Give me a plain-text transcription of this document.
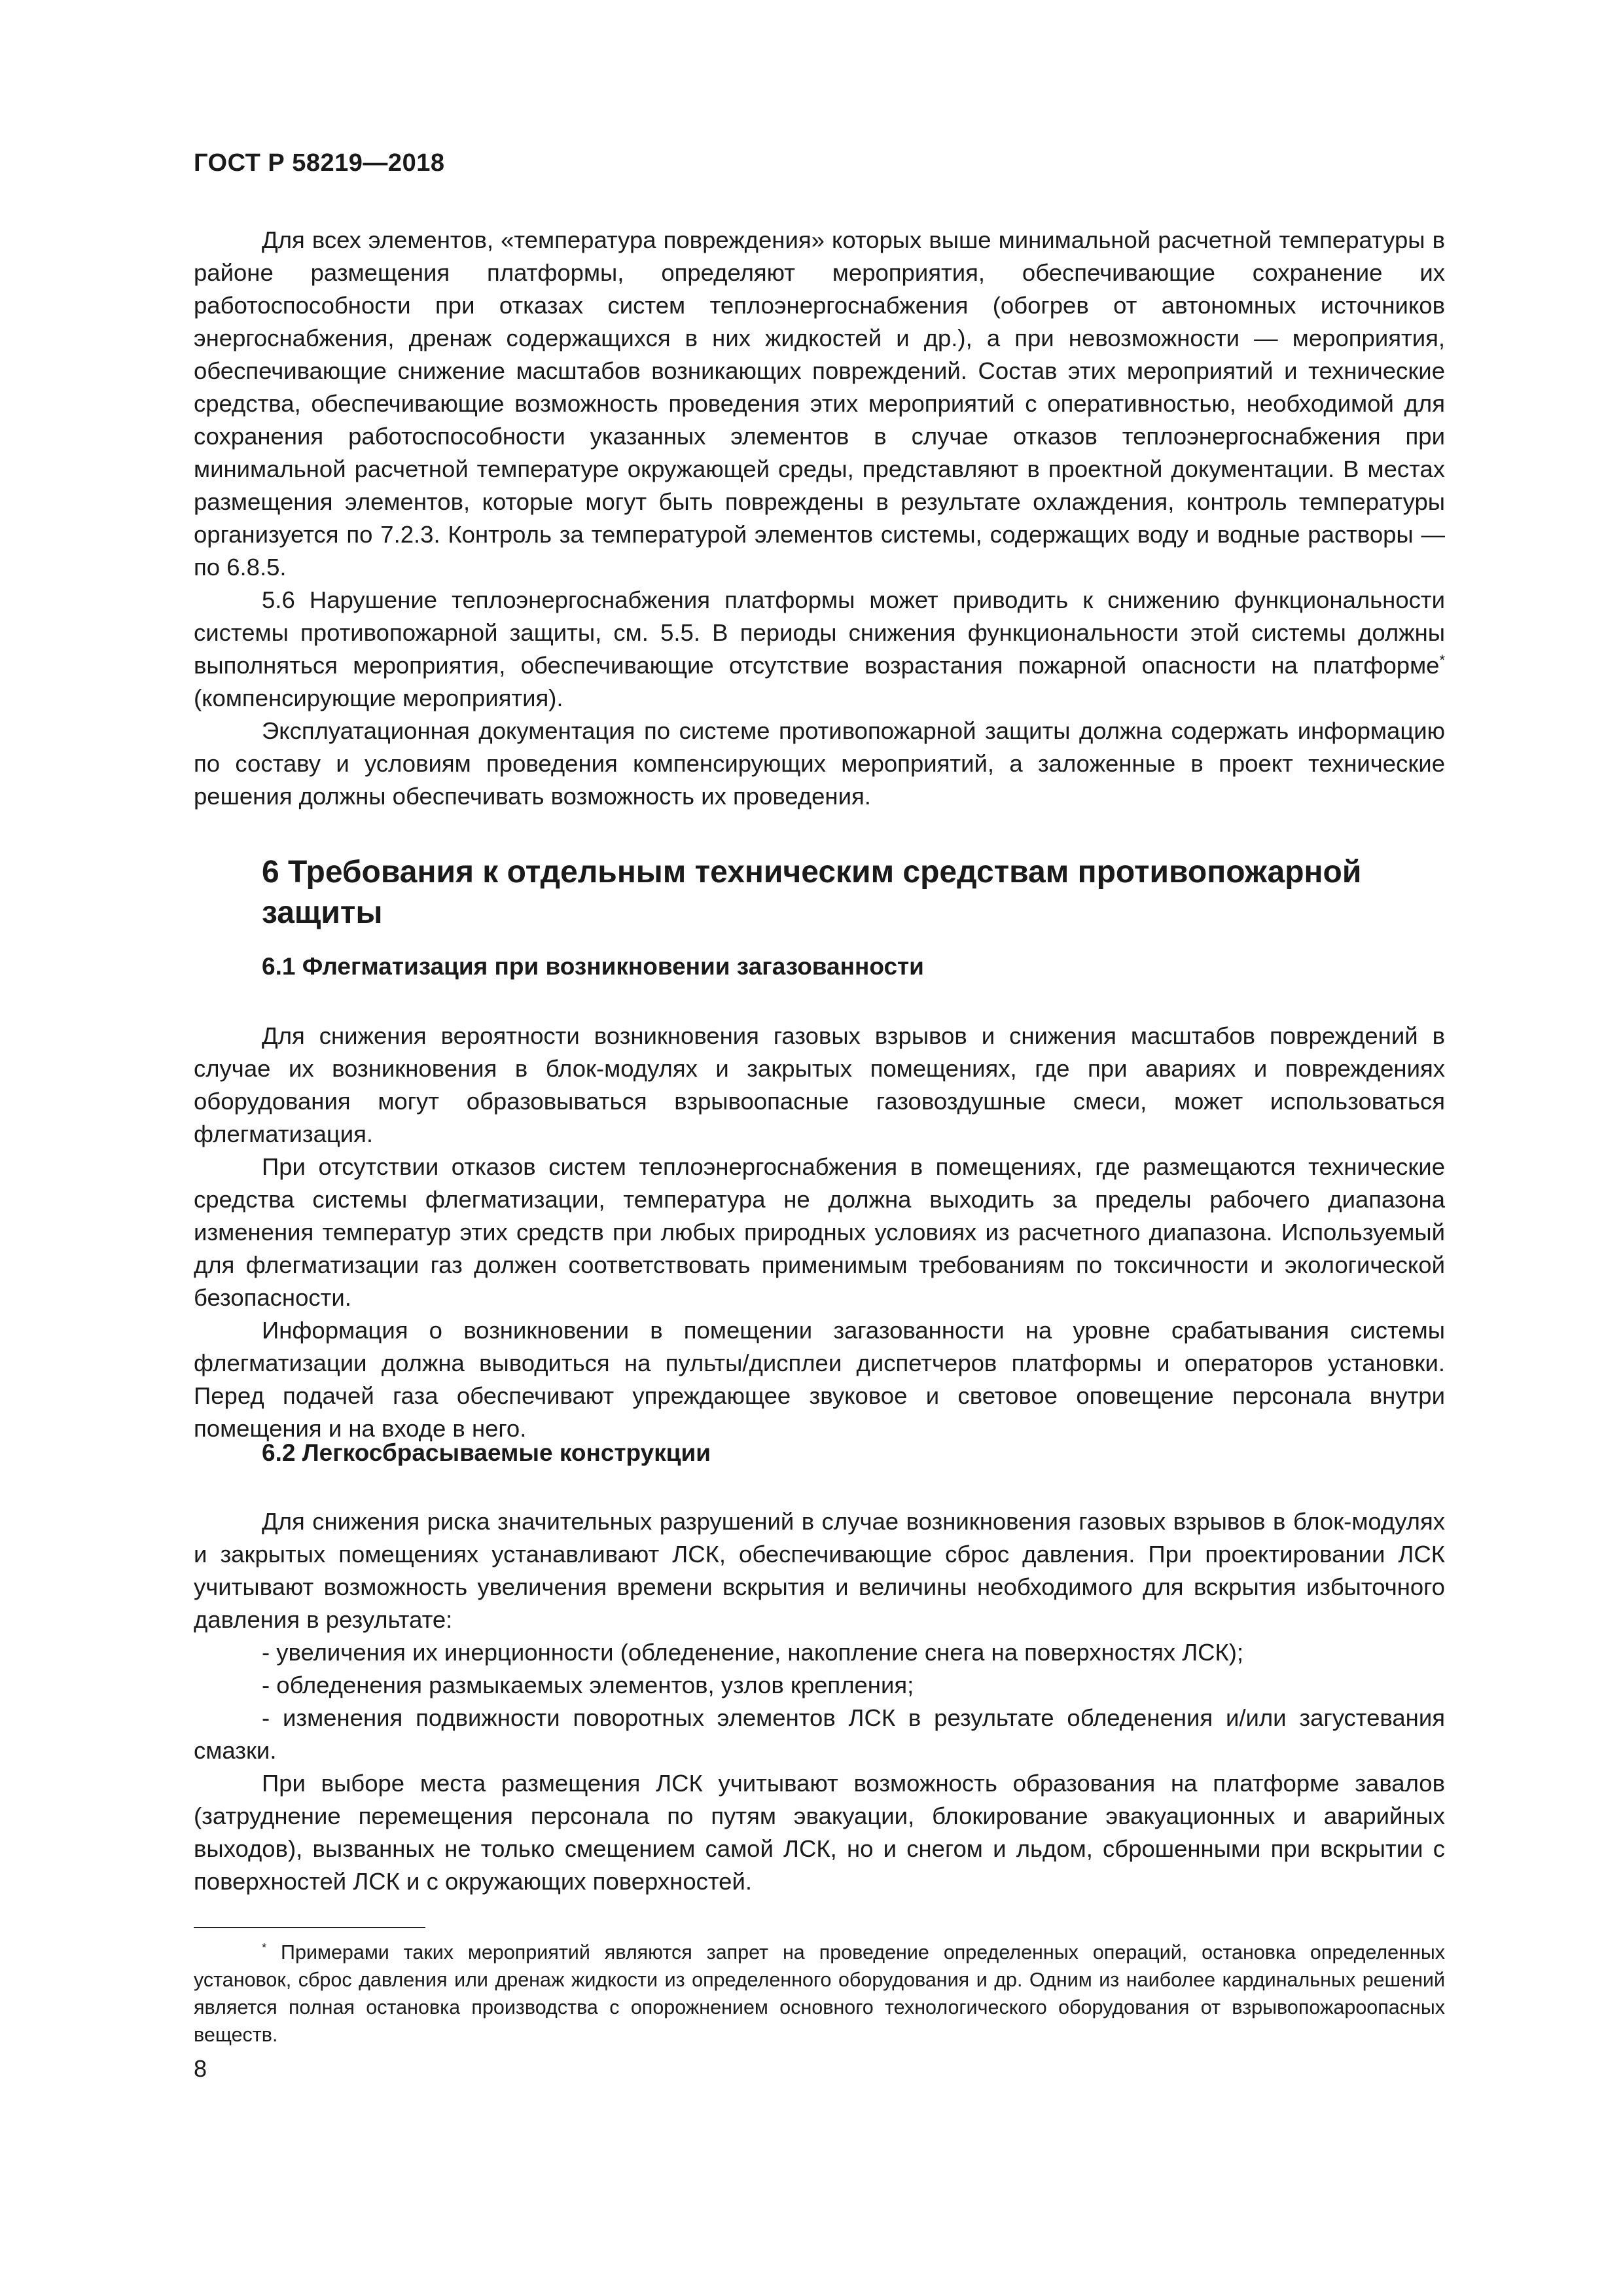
ГОСТ Р 58219—2018

Для всех элементов, «температура повреждения» которых выше минимальной расчетной температуры в районе размещения платформы, определяют мероприятия, обеспечивающие сохранение их работоспособности при отказах систем теплоэнергоснабжения (обогрев от автономных источников энергоснабжения, дренаж содержащихся в них жидкостей и др.), а при невозможности — мероприятия, обеспечивающие снижение масштабов возникающих повреждений. Состав этих мероприятий и технические средства, обеспечивающие возможность проведения этих мероприятий с оперативностью, необходимой для сохранения работоспособности указанных элементов в случае отказов теплоэнергоснабжения при минимальной расчетной температуре окружающей среды, представляют в проектной документации. В местах размещения элементов, которые могут быть повреждены в результате охлаждения, контроль температуры организуется по 7.2.3. Контроль за температурой элементов системы, содержащих воду и водные растворы — по 6.8.5.

5.6 Нарушение теплоэнергоснабжения платформы может приводить к снижению функциональности системы противопожарной защиты, см. 5.5. В периоды снижения функциональности этой системы должны выполняться мероприятия, обеспечивающие отсутствие возрастания пожарной опасности на платформе* (компенсирующие мероприятия).

Эксплуатационная документация по системе противопожарной защиты должна содержать информацию по составу и условиям проведения компенсирующих мероприятий, а заложенные в проект технические решения должны обеспечивать возможность их проведения.

6 Требования к отдельным техническим средствам противопожарной защиты
6.1 Флегматизация при возникновении загазованности

Для снижения вероятности возникновения газовых взрывов и снижения масштабов повреждений в случае их возникновения в блок-модулях и закрытых помещениях, где при авариях и повреждениях оборудования могут образовываться взрывоопасные газовоздушные смеси, может использоваться флегматизация.

При отсутствии отказов систем теплоэнергоснабжения в помещениях, где размещаются технические средства системы флегматизации, температура не должна выходить за пределы рабочего диапазона изменения температур этих средств при любых природных условиях из расчетного диапазона. Используемый для флегматизации газ должен соответствовать применимым требованиям по токсичности и экологической безопасности.

Информация о возникновении в помещении загазованности на уровне срабатывания системы флегматизации должна выводиться на пульты/дисплеи диспетчеров платформы и операторов установки. Перед подачей газа обеспечивают упреждающее звуковое и световое оповещение персонала внутри помещения и на входе в него.

6.2 Легкосбрасываемые конструкции

Для снижения риска значительных разрушений в случае возникновения газовых взрывов в блок-модулях и закрытых помещениях устанавливают ЛСК, обеспечивающие сброс давления. При проектировании ЛСК учитывают возможность увеличения времени вскрытия и величины необходимого для вскрытия избыточного давления в результате:

- увеличения их инерционности (обледенение, накопление снега на поверхностях ЛСК);

- обледенения размыкаемых элементов, узлов крепления;

- изменения подвижности поворотных элементов ЛСК в результате обледенения и/или загустевания смазки.

При выборе места размещения ЛСК учитывают возможность образования на платформе завалов (затруднение перемещения персонала по путям эвакуации, блокирование эвакуационных и аварийных выходов), вызванных не только смещением самой ЛСК, но и снегом и льдом, сброшенными при вскрытии с поверхностей ЛСК и с окружающих поверхностей.

* Примерами таких мероприятий являются запрет на проведение определенных операций, остановка определенных установок, сброс давления или дренаж жидкости из определенного оборудования и др. Одним из наиболее кардинальных решений является полная остановка производства с опорожнением основного технологического оборудования от взрывопожароопасных веществ.

8
